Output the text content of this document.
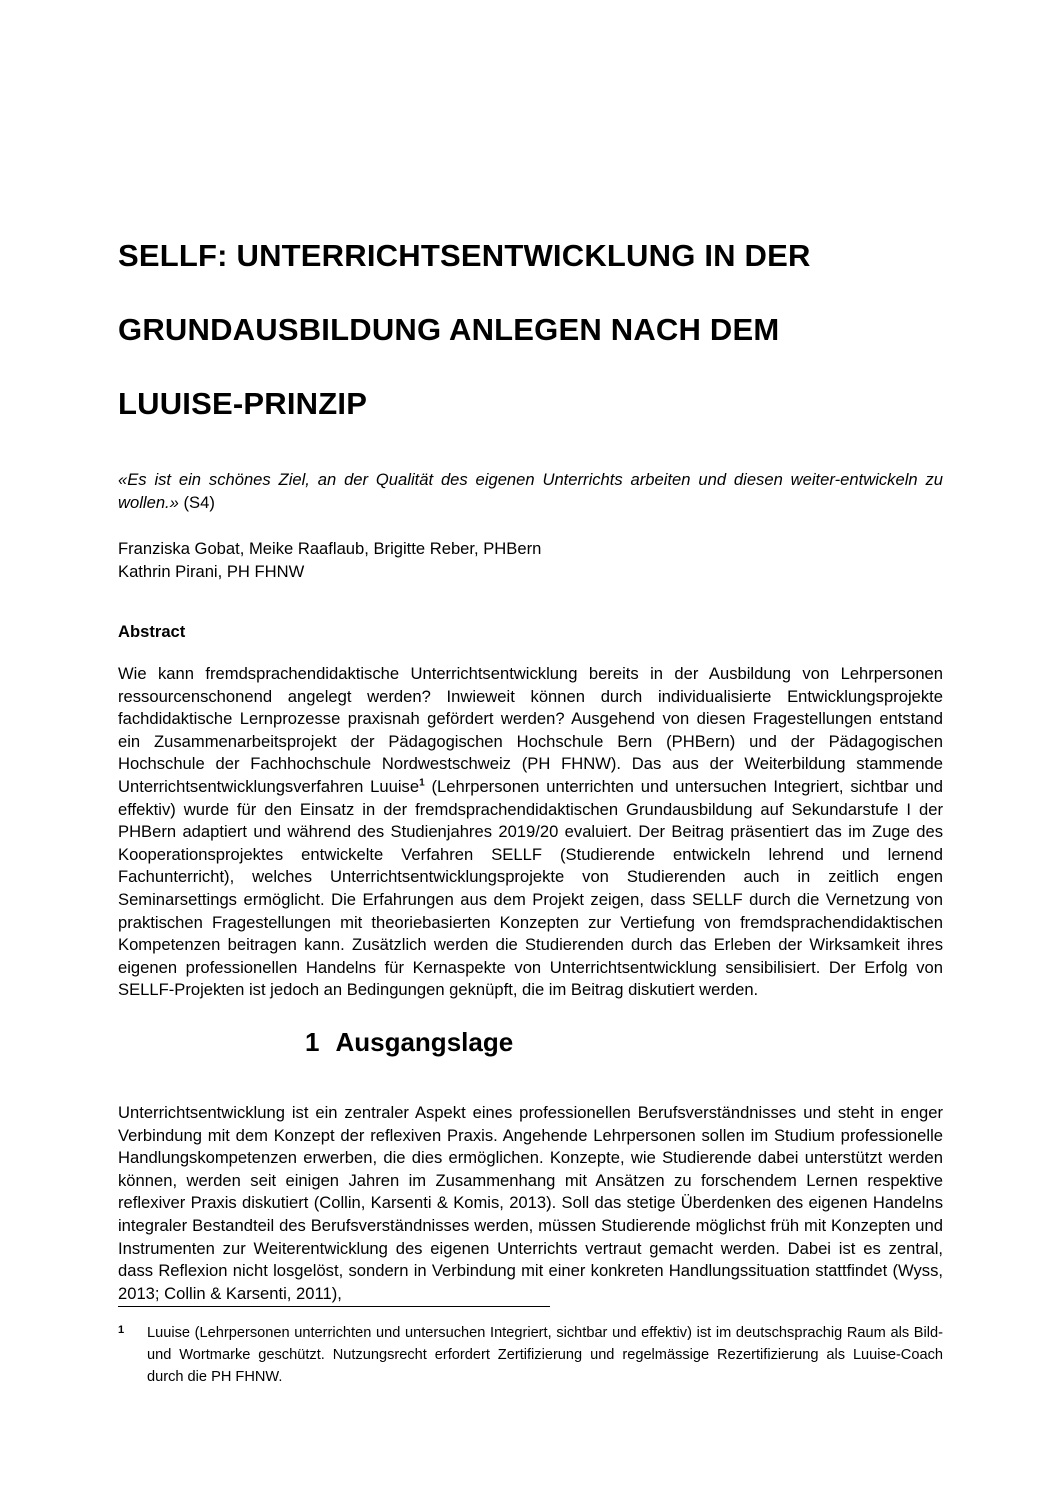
SELLF: UNTERRICHTSENTWICKLUNG IN DER
GRUNDAUSBILDUNG ANLEGEN NACH DEM
LUUISE-PRINZIP
«Es ist ein schönes Ziel, an der Qualität des eigenen Unterrichts arbeiten und diesen weiter-entwickeln zu wollen.» (S4)
Franziska Gobat, Meike Raaflaub, Brigitte Reber, PHBern
Kathrin Pirani, PH FHNW
Abstract
Wie kann fremdsprachendidaktische Unterrichtsentwicklung bereits in der Ausbildung von Lehrpersonen ressourcenschonend angelegt werden? Inwieweit können durch individualisierte Entwicklungsprojekte fachdidaktische Lernprozesse praxisnah gefördert werden? Ausgehend von diesen Fragestellungen entstand ein Zusammenarbeitsprojekt der Pädagogischen Hochschule Bern (PHBern) und der Pädagogischen Hochschule der Fachhochschule Nordwestschweiz (PH FHNW). Das aus der Weiterbildung stammende Unterrichtsentwicklungsverfahren Luuise$^1$ (Lehrpersonen unterrichten und untersuchen Integriert, sichtbar und effektiv) wurde für den Einsatz in der fremdsprachendidaktischen Grundausbildung auf Sekundarstufe I der PHBern adaptiert und während des Studienjahres 2019/20 evaluiert. Der Beitrag präsentiert das im Zuge des Kooperationsprojektes entwickelte Verfahren SELLF (Studierende entwickeln lehrend und lernend Fachunterricht), welches Unterrichtsentwicklungsprojekte von Studierenden auch in zeitlich engen Seminarsettings ermöglicht. Die Erfahrungen aus dem Projekt zeigen, dass SELLF durch die Vernetzung von praktischen Fragestellungen mit theoriebasierten Konzepten zur Vertiefung von fremdsprachendidaktischen Kompetenzen beitragen kann. Zusätzlich werden die Studierenden durch das Erleben der Wirksamkeit ihres eigenen professionellen Handelns für Kernaspekte von Unterrichtsentwicklung sensibilisiert. Der Erfolg von SELLF-Projekten ist jedoch an Bedingungen geknüpft, die im Beitrag diskutiert werden.
1 Ausgangslage
Unterrichtsentwicklung ist ein zentraler Aspekt eines professionellen Berufsverständnisses und steht in enger Verbindung mit dem Konzept der reflexiven Praxis. Angehende Lehrpersonen sollen im Studium professionelle Handlungskompetenzen erwerben, die dies ermöglichen. Konzepte, wie Studierende dabei unterstützt werden können, werden seit einigen Jahren im Zusammenhang mit Ansätzen zu forschendem Lernen respektive reflexiver Praxis diskutiert (Collin, Karsenti & Komis, 2013). Soll das stetige Überdenken des eigenen Handelns integraler Bestandteil des Berufsverständnisses werden, müssen Studierende möglichst früh mit Konzepten und Instrumenten zur Weiterentwicklung des eigenen Unterrichts vertraut gemacht werden. Dabei ist es zentral, dass Reflexion nicht losgelöst, sondern in Verbindung mit einer konkreten Handlungssituation stattfindet (Wyss, 2013; Collin & Karsenti, 2011),
1 Luuise (Lehrpersonen unterrichten und untersuchen Integriert, sichtbar und effektiv) ist im deutschsprachig Raum als Bild- und Wortmarke geschützt. Nutzungsrecht erfordert Zertifizierung und regelmässige Rezertifizierung als Luuise-Coach durch die PH FHNW.
